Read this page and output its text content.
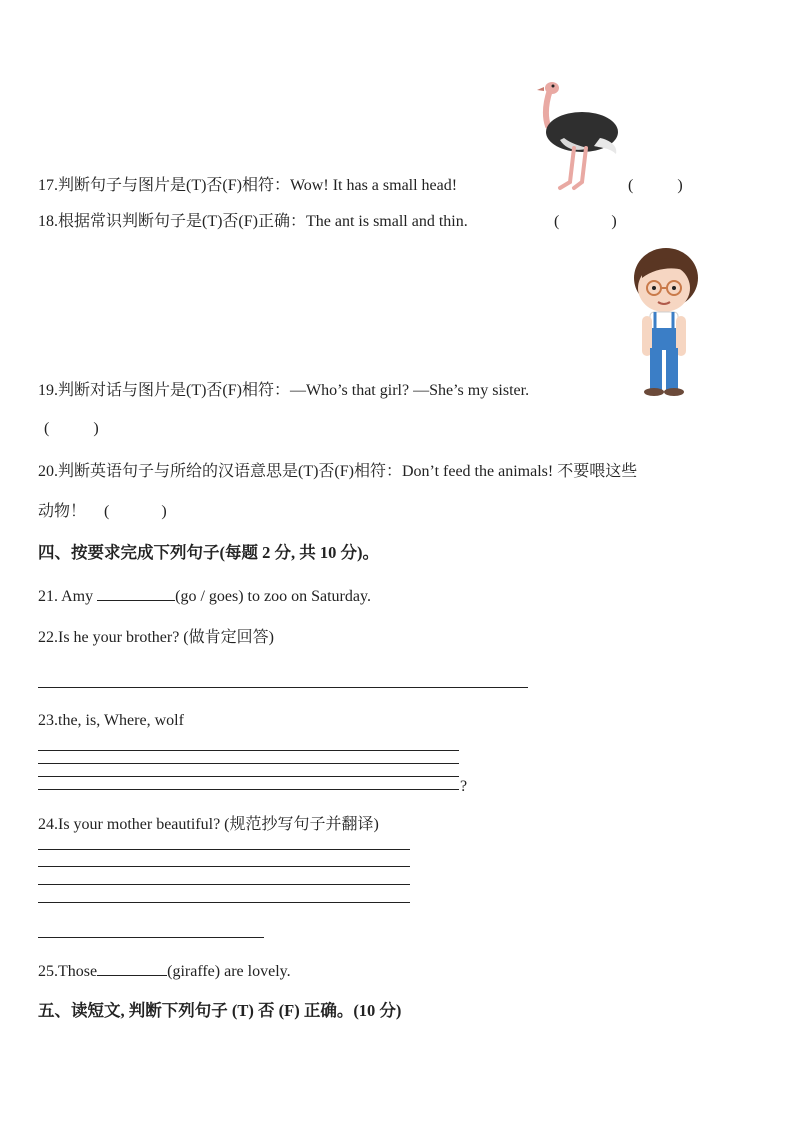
17.判断句子与图片是(T)否(F)相符：Wow! It has a small head!	(           )
18.根据常识判断句子是(T)否(F)正确：The ant is small and thin.	(             )
19.判断对话与图片是(T)否(F)相符：—Who’s that girl? —She’s my sister.
(           )
20.判断英语句子与所给的汉语意思是(T)否(F)相符：Don’t feed the animals! 不要喂这些
动物！ (             )
四、按要求完成下列句子(每题 2 分, 共 10 分)。
21. Amy	(go / goes) to zoo on Saturday.
22.Is he your brother? (做肯定回答)
23.the, is, Where, wolf
?
24.Is your mother beautiful? (规范抄写句子并翻译)
25.Those	(giraffe) are lovely.
五、读短文, 判断下列句子 (T) 否 (F) 正确。(10 分)
